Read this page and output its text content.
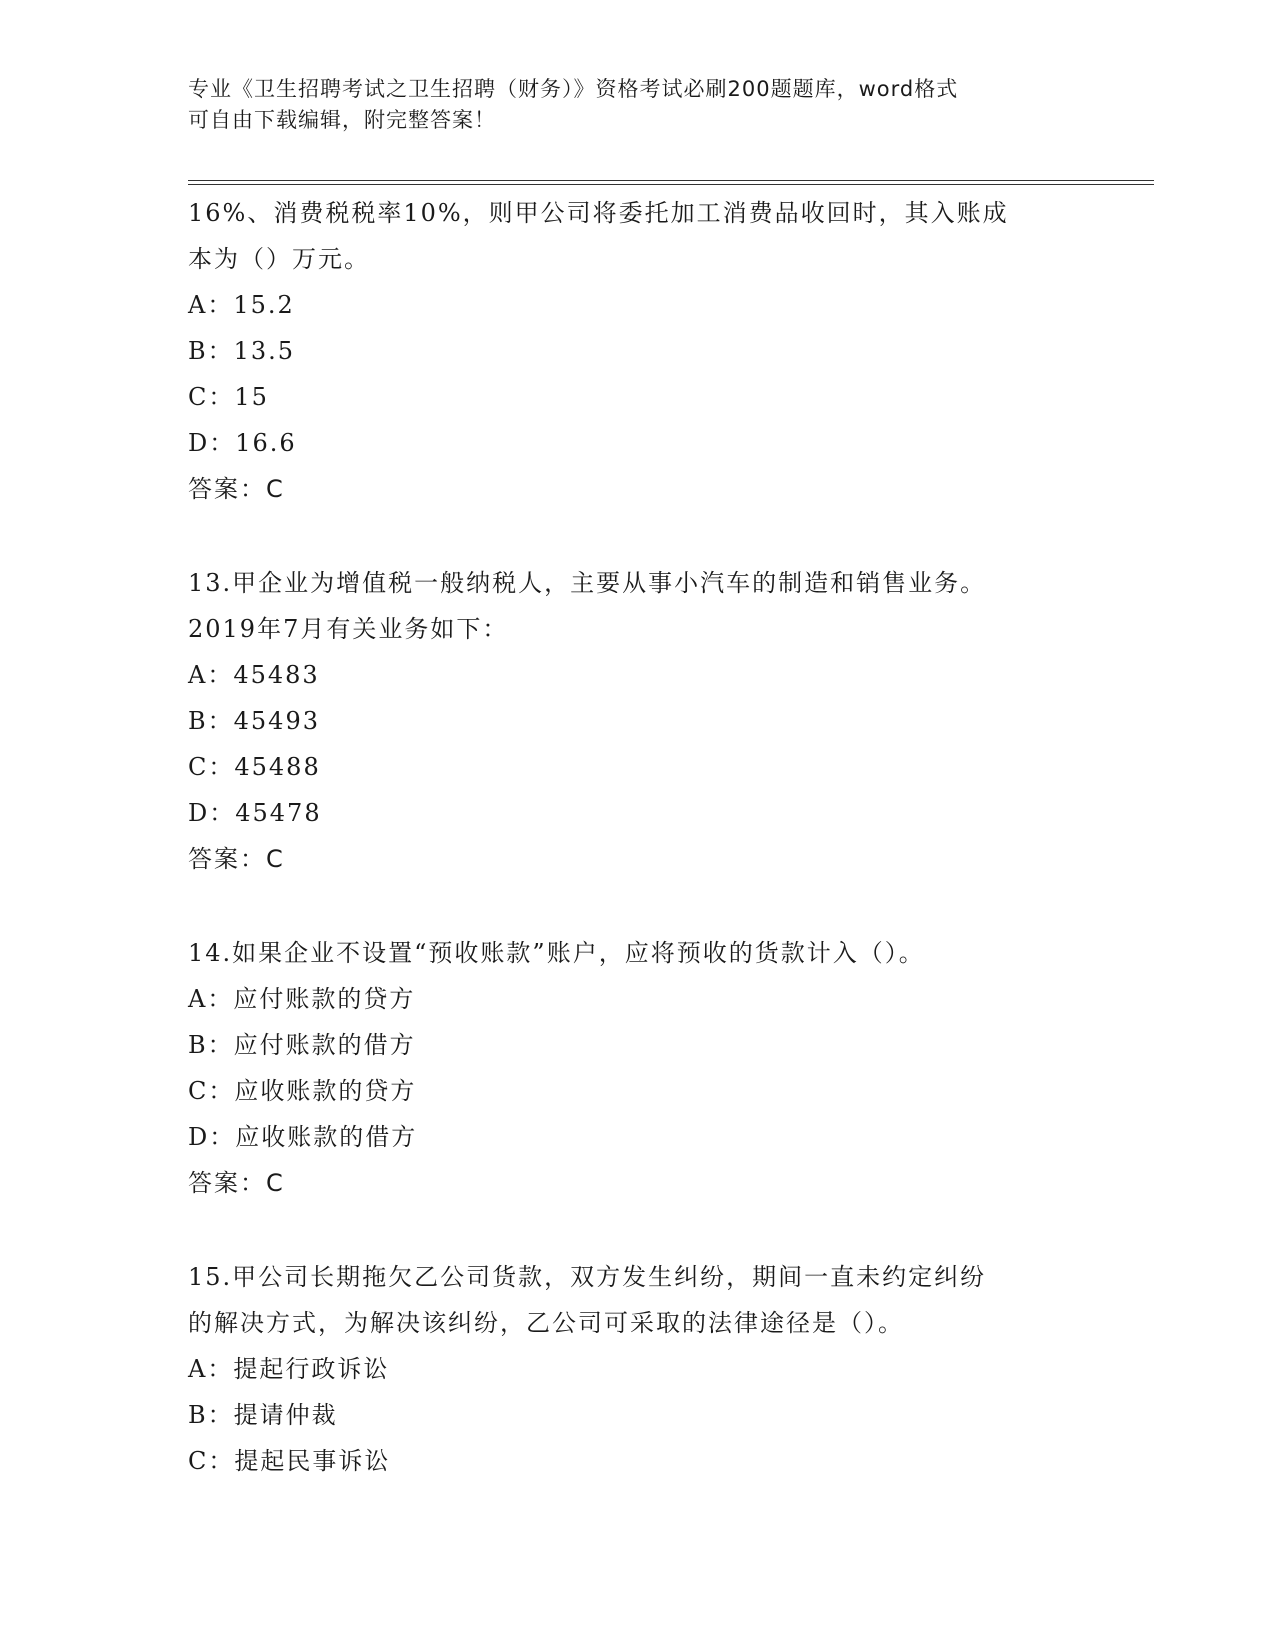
专业《卫生招聘考试之卫生招聘（财务）》资格考试必刷200题题库，word格式
可自由下载编辑，附完整答案！
16%、消费税税率10%，则甲公司将委托加工消费品收回时，其入账成
本为（）万元。
A：15.2
B：13.5
C：15
D：16.6
答案：C
13.甲企业为增值税一般纳税人，主要从事小汽车的制造和销售业务。
2019年7月有关业务如下：
A：45483
B：45493
C：45488
D：45478
答案：C
14.如果企业不设置“预收账款”账户，应将预收的货款计入（）。
A：应付账款的贷方
B：应付账款的借方
C：应收账款的贷方
D：应收账款的借方
答案：C
15.甲公司长期拖欠乙公司货款，双方发生纠纷，期间一直未约定纠纷
的解决方式，为解决该纠纷，乙公司可采取的法律途径是（）。
A：提起行政诉讼
B：提请仲裁
C：提起民事诉讼
